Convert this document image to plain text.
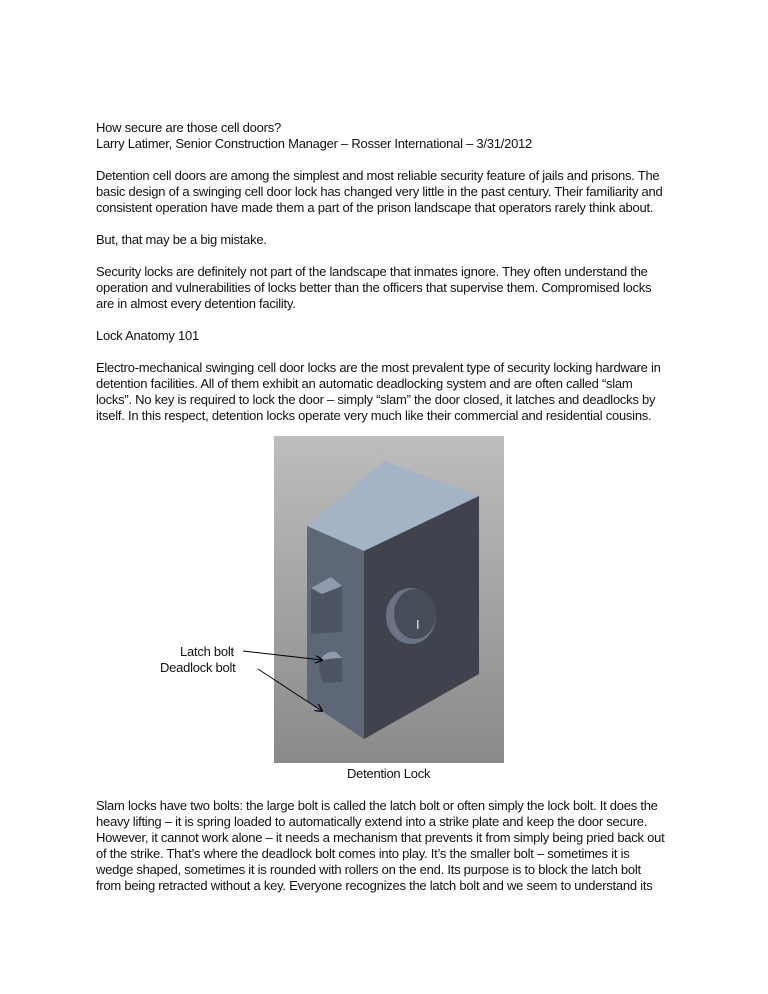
How secure are those cell doors?
Larry Latimer, Senior Construction Manager – Rosser International – 3/31/2012
Detention cell doors are among the simplest and most reliable security feature of jails and prisons. The
basic design of a swinging cell door lock has changed very little in the past century. Their familiarity and
consistent operation have made them a part of the prison landscape that operators rarely think about.
But, that may be a big mistake.
Security locks are definitely not part of the landscape that inmates ignore. They often understand the
operation and vulnerabilities of locks better than the officers that supervise them. Compromised locks
are in almost every detention facility.
Lock Anatomy 101
Electro-mechanical swinging cell door locks are the most prevalent type of security locking hardware in
detention facilities. All of them exhibit an automatic deadlocking system and are often called “slam
locks”. No key is required to lock the door – simply “slam” the door closed, it latches and deadlocks by
itself. In this respect, detention locks operate very much like their commercial and residential cousins.
Latch bolt
Deadlock bolt
Detention Lock
Slam locks have two bolts: the large bolt is called the latch bolt or often simply the lock bolt. It does the
heavy lifting – it is spring loaded to automatically extend into a strike plate and keep the door secure.
However, it cannot work alone – it needs a mechanism that prevents it from simply being pried back out
of the strike. That’s where the deadlock bolt comes into play. It’s the smaller bolt – sometimes it is
wedge shaped, sometimes it is rounded with rollers on the end. Its purpose is to block the latch bolt
from being retracted without a key. Everyone recognizes the latch bolt and we seem to understand its
